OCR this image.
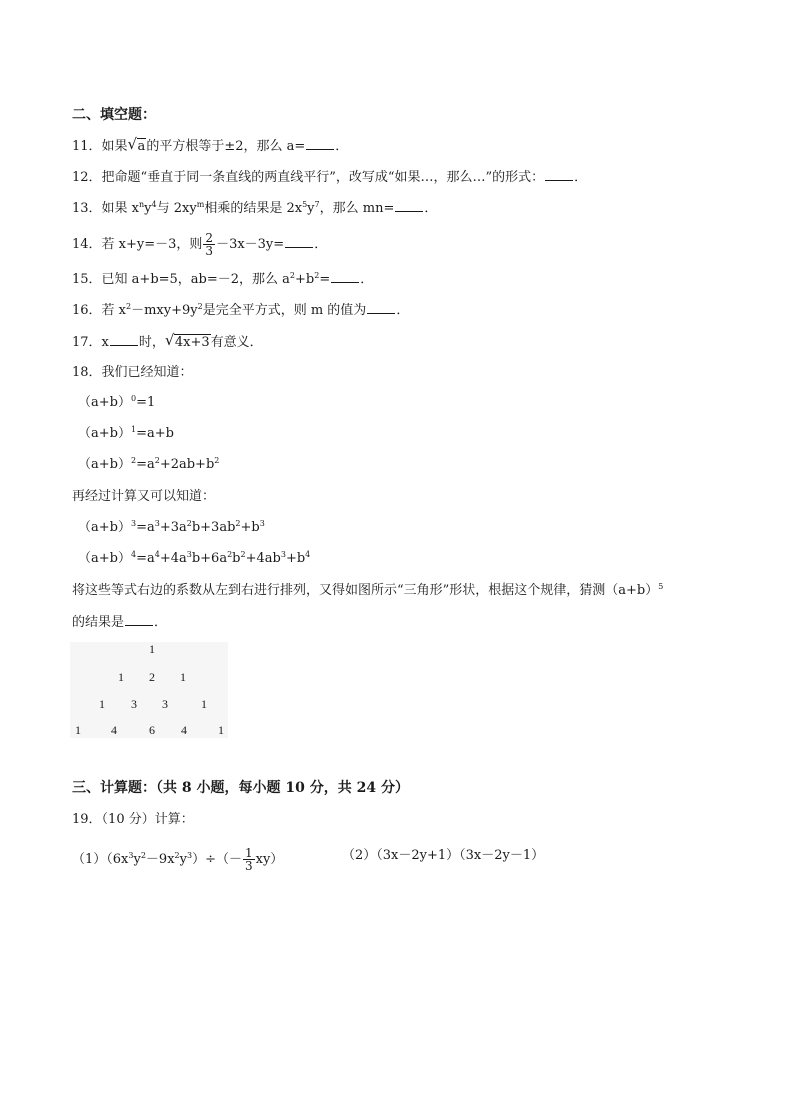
二、填空题：
11．如果 √ a的平方根等于±2，那么 a= ．
12．把命题“垂直于同一条直线的两直线平行”，改写成“如果…，那么…”的形式： ．
13．如果 $x^ny^4$与 $2xy^m$相乘的结果是 $2x^5y^7$，那么 mn= ．
14．若 x+y=－3，则 $\frac{2}{3} -3x-3y=$ ．
15．已知 a+b=5，ab=－2，那么 $a^2+b^2=$ ．
16．若 $x^2-mxy+9y^2$是完全平方式，则 m 的值为 ．
17．x 时， √ 4x+3有意义．
18．我们已经知道：
$(a+b)^0=1$
$(a+b)^1=a+b$
$(a+b)^2=a^2+2ab+b^2$
再经过计算又可以知道：
$(a+b)^3=a^3+3a^2b+3ab^2+b^3$
$(a+b)^4=a^4+4a^3b+6a^2b^2+4ab^3+b^4$
将这些等式右边的系数从左到右进行排列，又得如图所示“三角形”形状，根据这个规律，猜测$(a+b)^5$
的结果是 ．
1
1 2 1
1 3 3	1
1	4	6 4	1
三、计算题：（共 8 小题，每小题 10 分，共 24 分）
19．（10 分）计算：
$(1)(6x^3y^2-9x^2y^3)\div(- \frac{1}{3} xy)$	（2）（3x－2y+1）（3x－2y－1）
